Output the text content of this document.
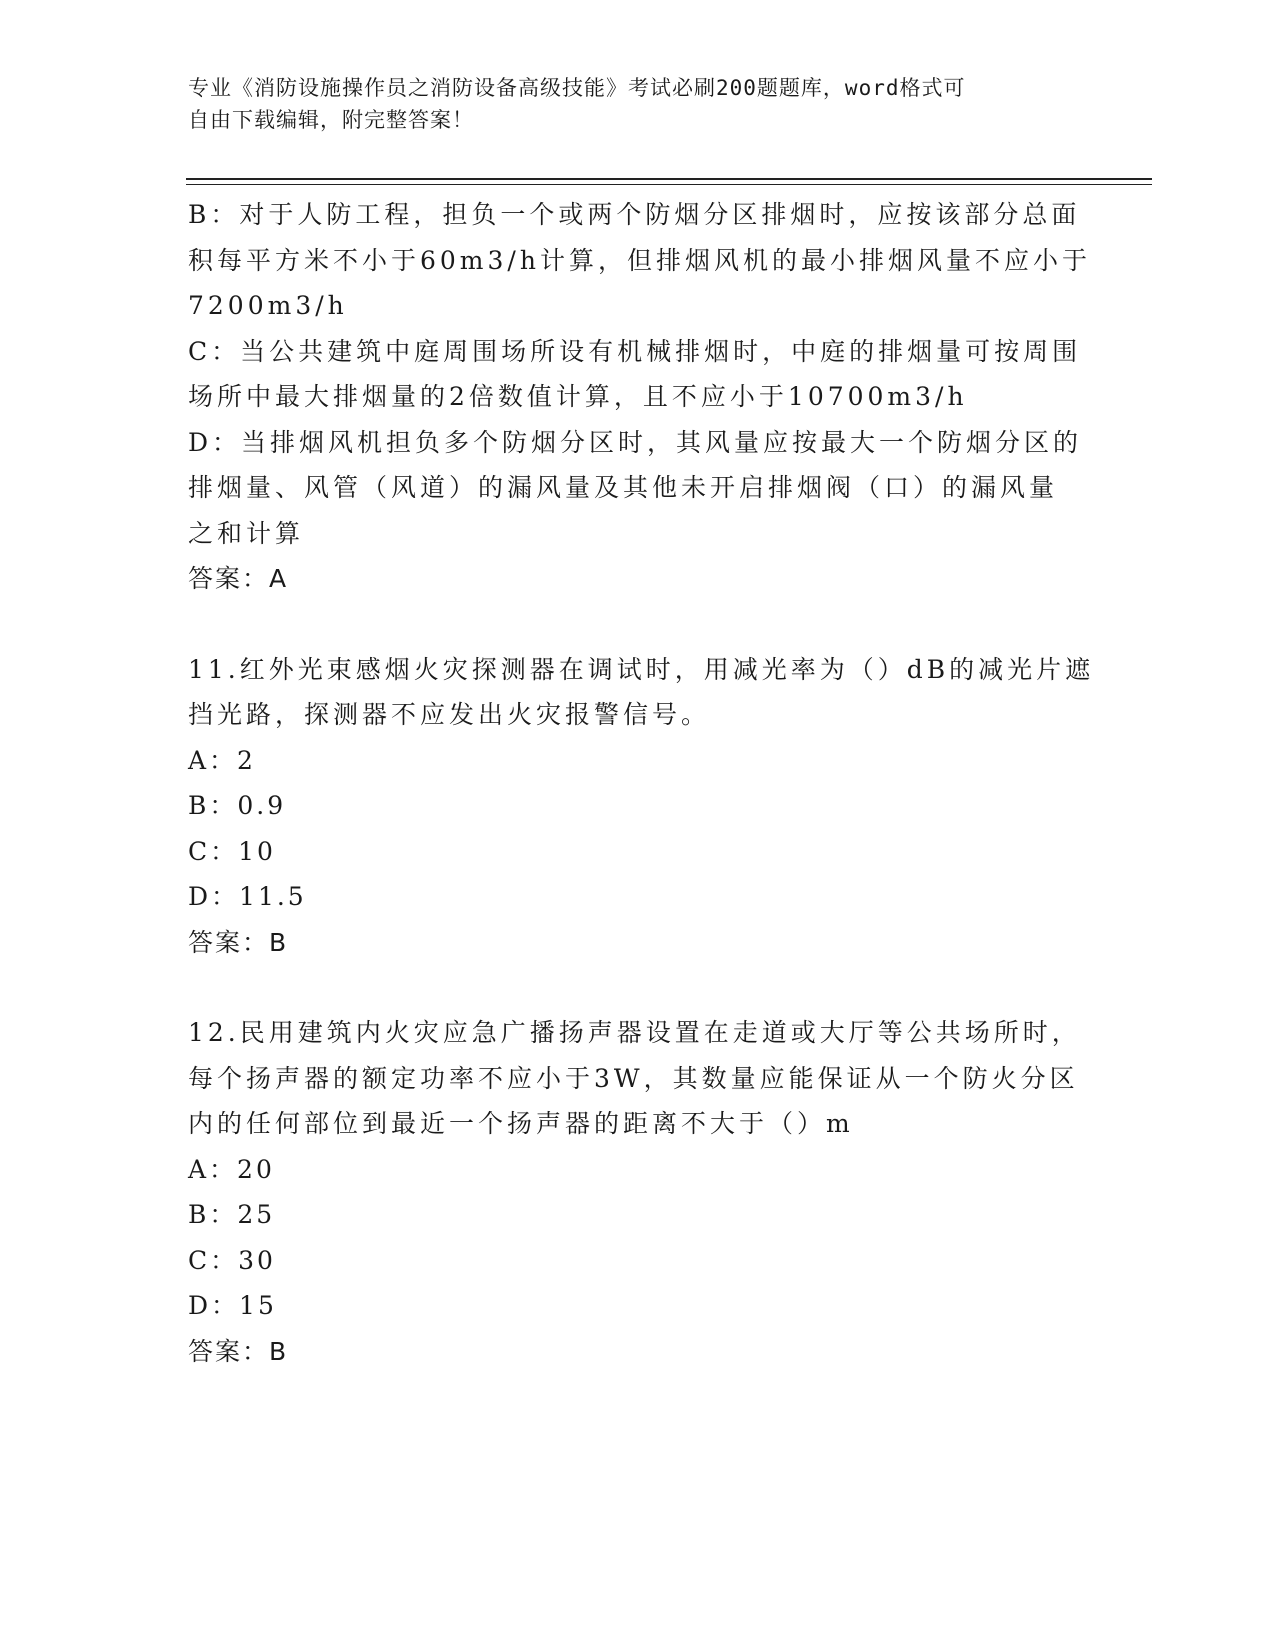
专业《消防设施操作员之消防设备高级技能》考试必刷200题题库，word格式可
自由下载编辑，附完整答案！
B：对于人防工程，担负一个或两个防烟分区排烟时，应按该部分总面
积每平方米不小于60m3/h计算，但排烟风机的最小排烟风量不应小于
7200m3/h
C：当公共建筑中庭周围场所设有机械排烟时，中庭的排烟量可按周围
场所中最大排烟量的2倍数值计算，且不应小于10700m3/h
D：当排烟风机担负多个防烟分区时，其风量应按最大一个防烟分区的
排烟量、风管（风道）的漏风量及其他未开启排烟阀（口）的漏风量
之和计算
答案：A
11.红外光束感烟火灾探测器在调试时，用减光率为（）dB的减光片遮
挡光路，探测器不应发出火灾报警信号。
A：2
B：0.9
C：10
D：11.5
答案：B
12.民用建筑内火灾应急广播扬声器设置在走道或大厅等公共场所时，
每个扬声器的额定功率不应小于3W，其数量应能保证从一个防火分区
内的任何部位到最近一个扬声器的距离不大于（）m
A：20
B：25
C：30
D：15
答案：B
